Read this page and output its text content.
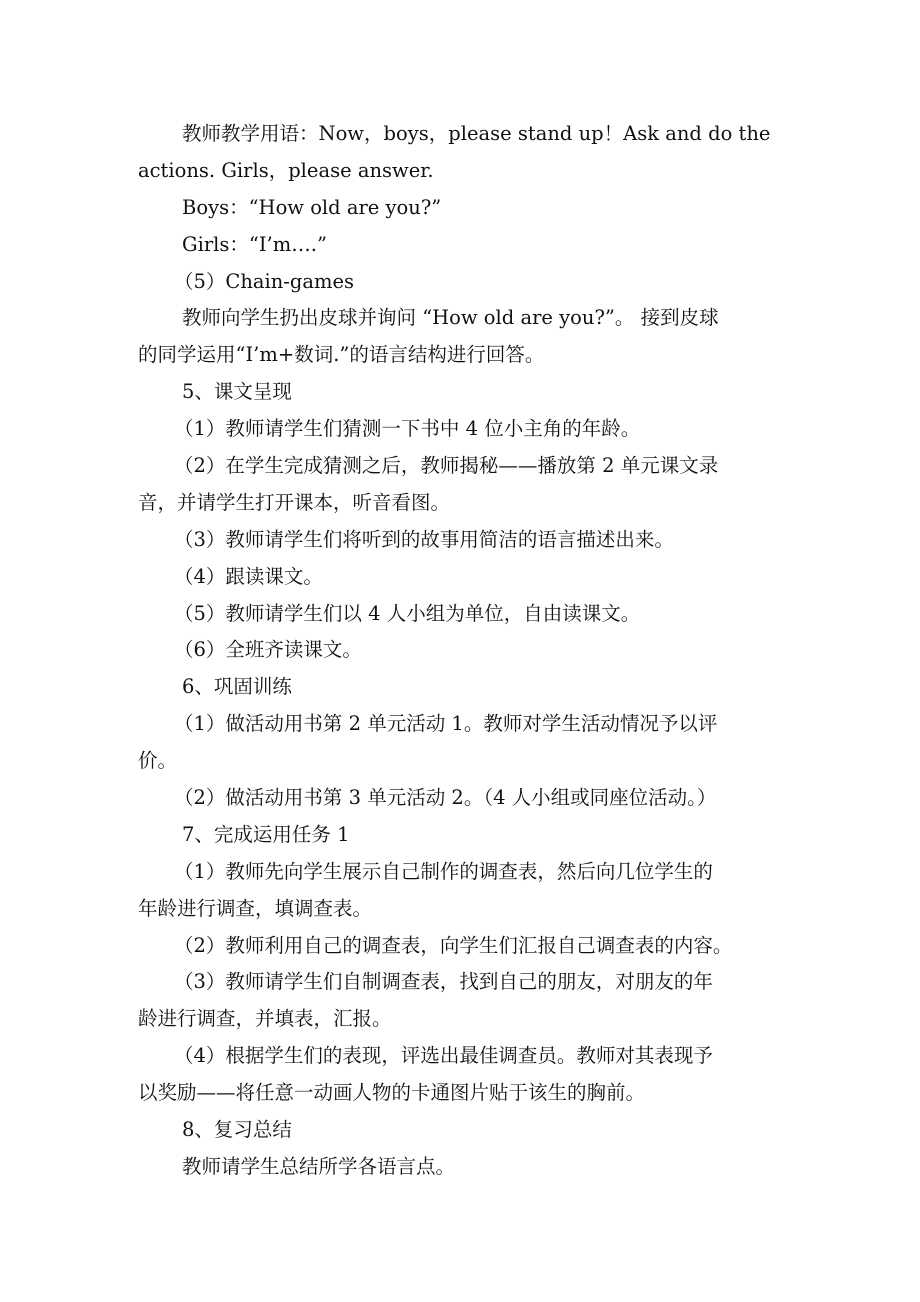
教师教学用语：Now，boys，please stand up！Ask and do the
actions. Girls，please answer.
Boys：“How old are you?”
Girls：“I’m….”
（5）Chain-games
教师向学生扔出皮球并询问 “How old are you?”。 接到皮球
的同学运用“I’m+数词.”的语言结构进行回答。
5、课文呈现
（1）教师请学生们猜测一下书中 4 位小主角的年龄。
（2）在学生完成猜测之后，教师揭秘——播放第 2 单元课文录
音，并请学生打开课本，听音看图。
（3）教师请学生们将听到的故事用简洁的语言描述出来。
（4）跟读课文。
（5）教师请学生们以 4 人小组为单位，自由读课文。
（6）全班齐读课文。
6、巩固训练
（1）做活动用书第 2 单元活动 1。教师对学生活动情况予以评
价。
（2）做活动用书第 3 单元活动 2。（4 人小组或同座位活动。）
7、完成运用任务 1
（1）教师先向学生展示自己制作的调查表，然后向几位学生的
年龄进行调查，填调查表。
（2）教师利用自己的调查表，向学生们汇报自己调查表的内容。
（3）教师请学生们自制调查表，找到自己的朋友，对朋友的年
龄进行调查，并填表，汇报。
（4）根据学生们的表现，评选出最佳调查员。教师对其表现予
以奖励——将任意一动画人物的卡通图片贴于该生的胸前。
8、复习总结
教师请学生总结所学各语言点。
